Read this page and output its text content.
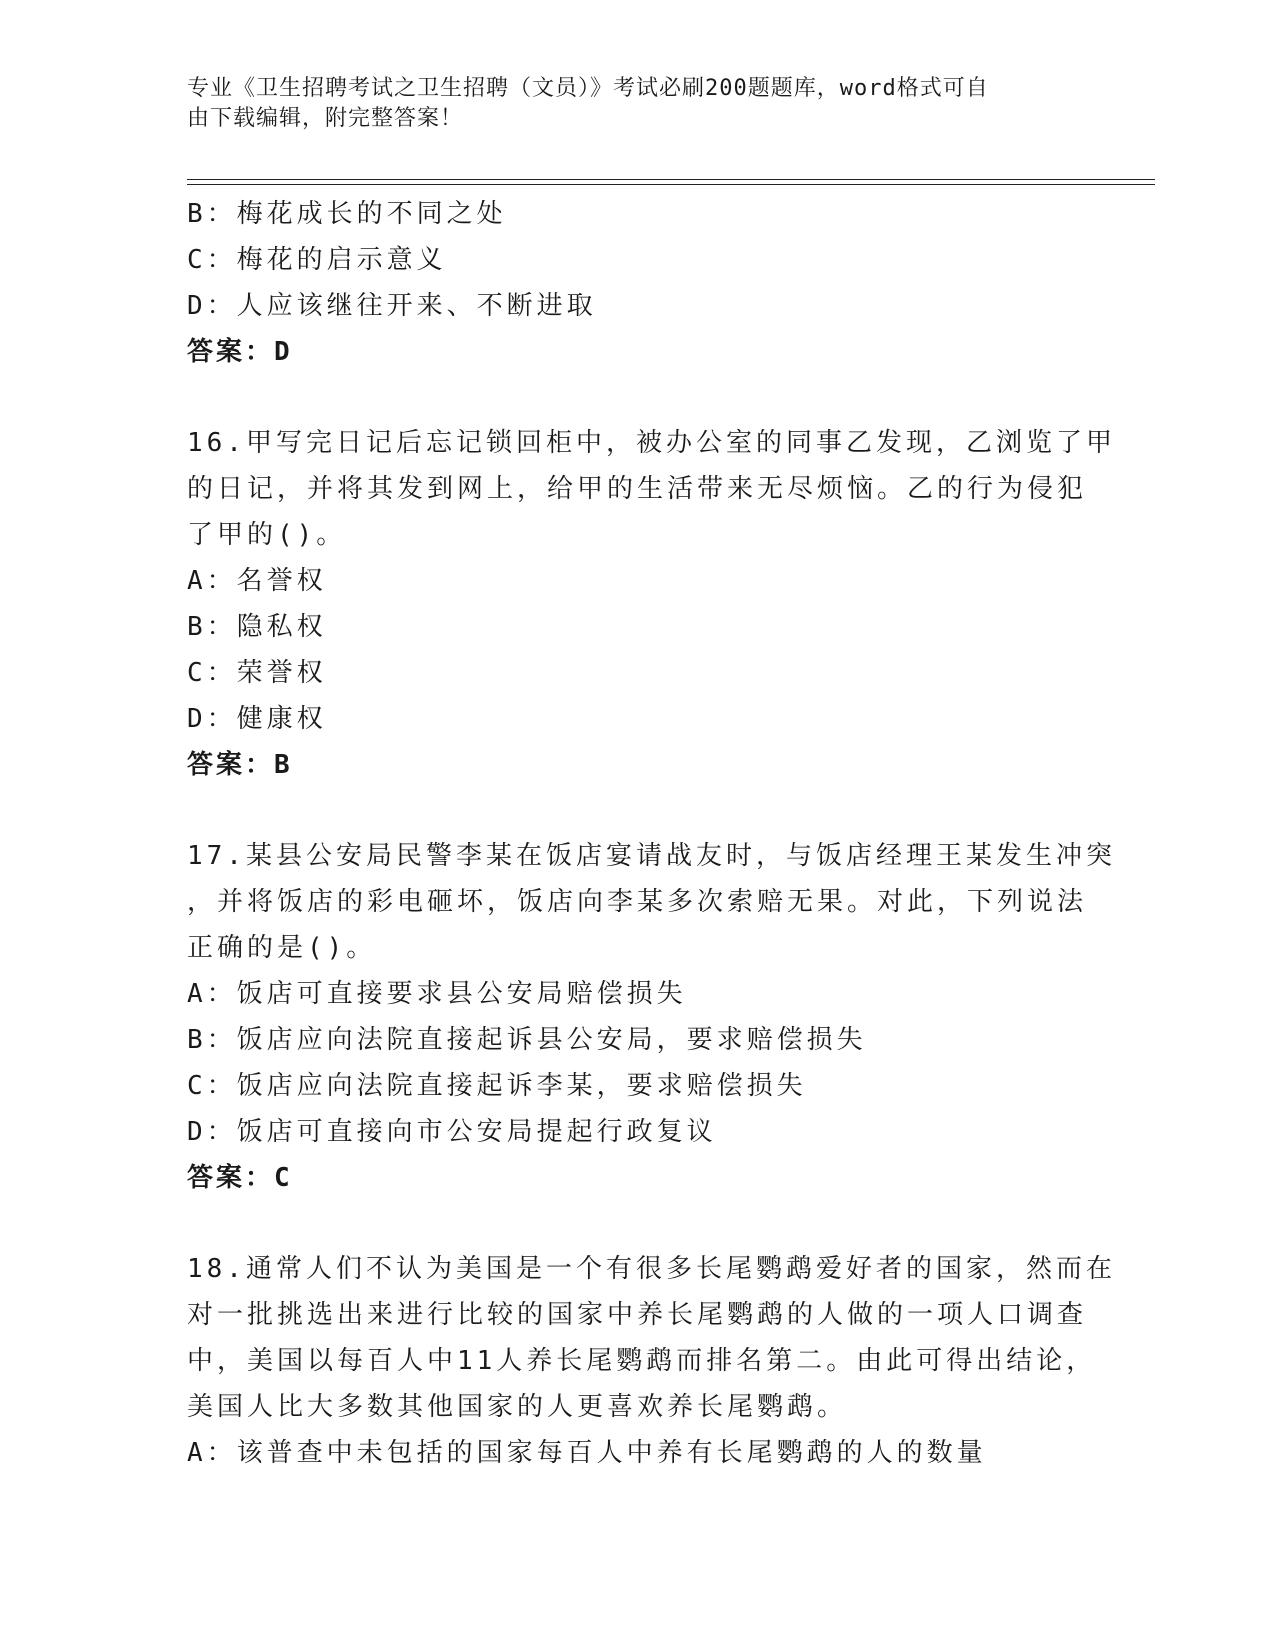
专业《卫生招聘考试之卫生招聘（文员）》考试必刷200题题库，word格式可自
由下载编辑，附完整答案！
B：梅花成长的不同之处
C：梅花的启示意义
D：人应该继往开来、不断进取
答案：D
16.甲写完日记后忘记锁回柜中，被办公室的同事乙发现，乙浏览了甲
的日记，并将其发到网上，给甲的生活带来无尽烦恼。乙的行为侵犯
了甲的()。
A：名誉权
B：隐私权
C：荣誉权
D：健康权
答案：B
17.某县公安局民警李某在饭店宴请战友时，与饭店经理王某发生冲突
，并将饭店的彩电砸坏，饭店向李某多次索赔无果。对此，下列说法
正确的是()。
A：饭店可直接要求县公安局赔偿损失
B：饭店应向法院直接起诉县公安局，要求赔偿损失
C：饭店应向法院直接起诉李某，要求赔偿损失
D：饭店可直接向市公安局提起行政复议
答案：C
18.通常人们不认为美国是一个有很多长尾鹦鹉爱好者的国家，然而在
对一批挑选出来进行比较的国家中养长尾鹦鹉的人做的一项人口调查
中，美国以每百人中11人养长尾鹦鹉而排名第二。由此可得出结论，
美国人比大多数其他国家的人更喜欢养长尾鹦鹉。
A：该普查中未包括的国家每百人中养有长尾鹦鹉的人的数量
